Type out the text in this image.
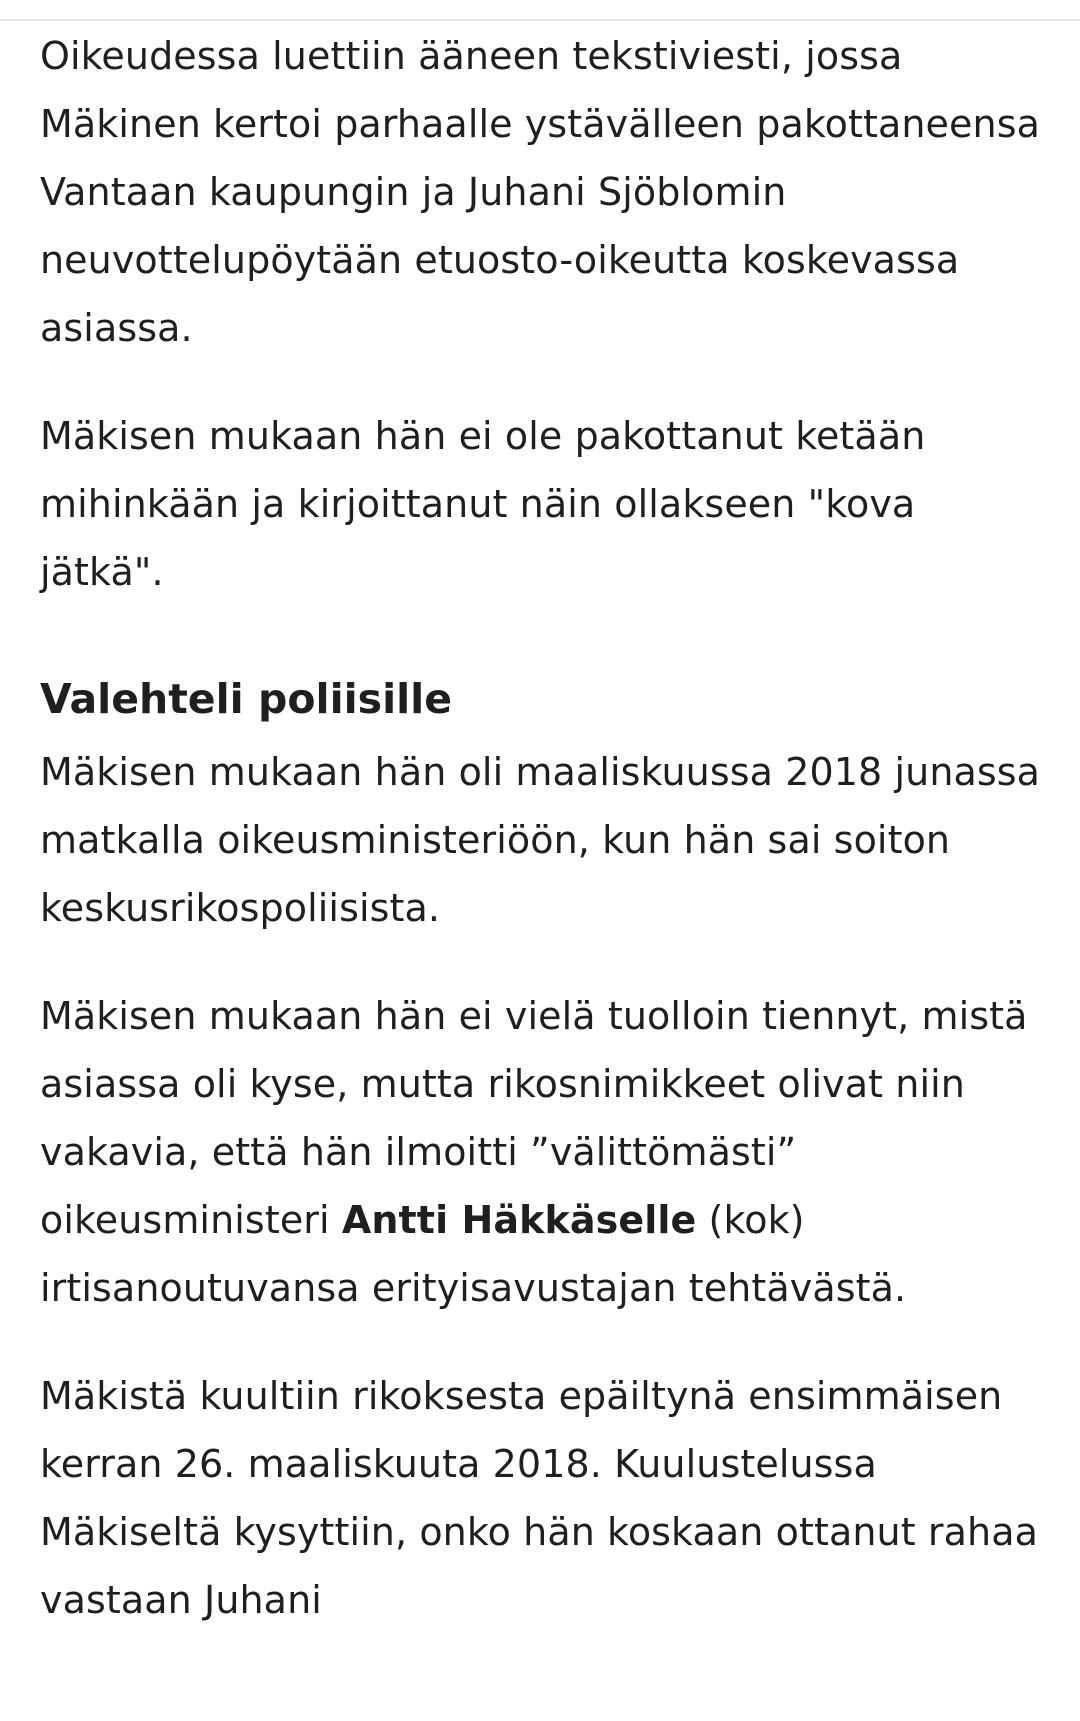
Oikeudessa luettiin ääneen tekstiviesti, jossa Mäkinen kertoi parhaalle ystävälleen pakottaneensa Vantaan kaupungin ja Juhani Sjöblomin neuvottelupöytään etuosto-oikeutta koskevassa asiassa.

Mäkisen mukaan hän ei ole pakottanut ketään mihinkään ja kirjoittanut näin ollakseen "kova jätkä".

Valehteli poliisille

Mäkisen mukaan hän oli maaliskuussa 2018 junassa matkalla oikeusministeriöön, kun hän sai soiton keskusrikospoliisista.

Mäkisen mukaan hän ei vielä tuolloin tiennyt, mistä asiassa oli kyse, mutta rikosnimikkeet olivat niin vakavia, että hän ilmoitti ”välittömästi” oikeusministeri Antti Häkkäselle (kok) irtisanoutuvansa erityisavustajan tehtävästä.

Mäkistä kuultiin rikoksesta epäiltynä ensimmäisen kerran 26. maaliskuuta 2018. Kuulustelussa Mäkiseltä kysyttiin, onko hän koskaan ottanut rahaa vastaan Juhani
